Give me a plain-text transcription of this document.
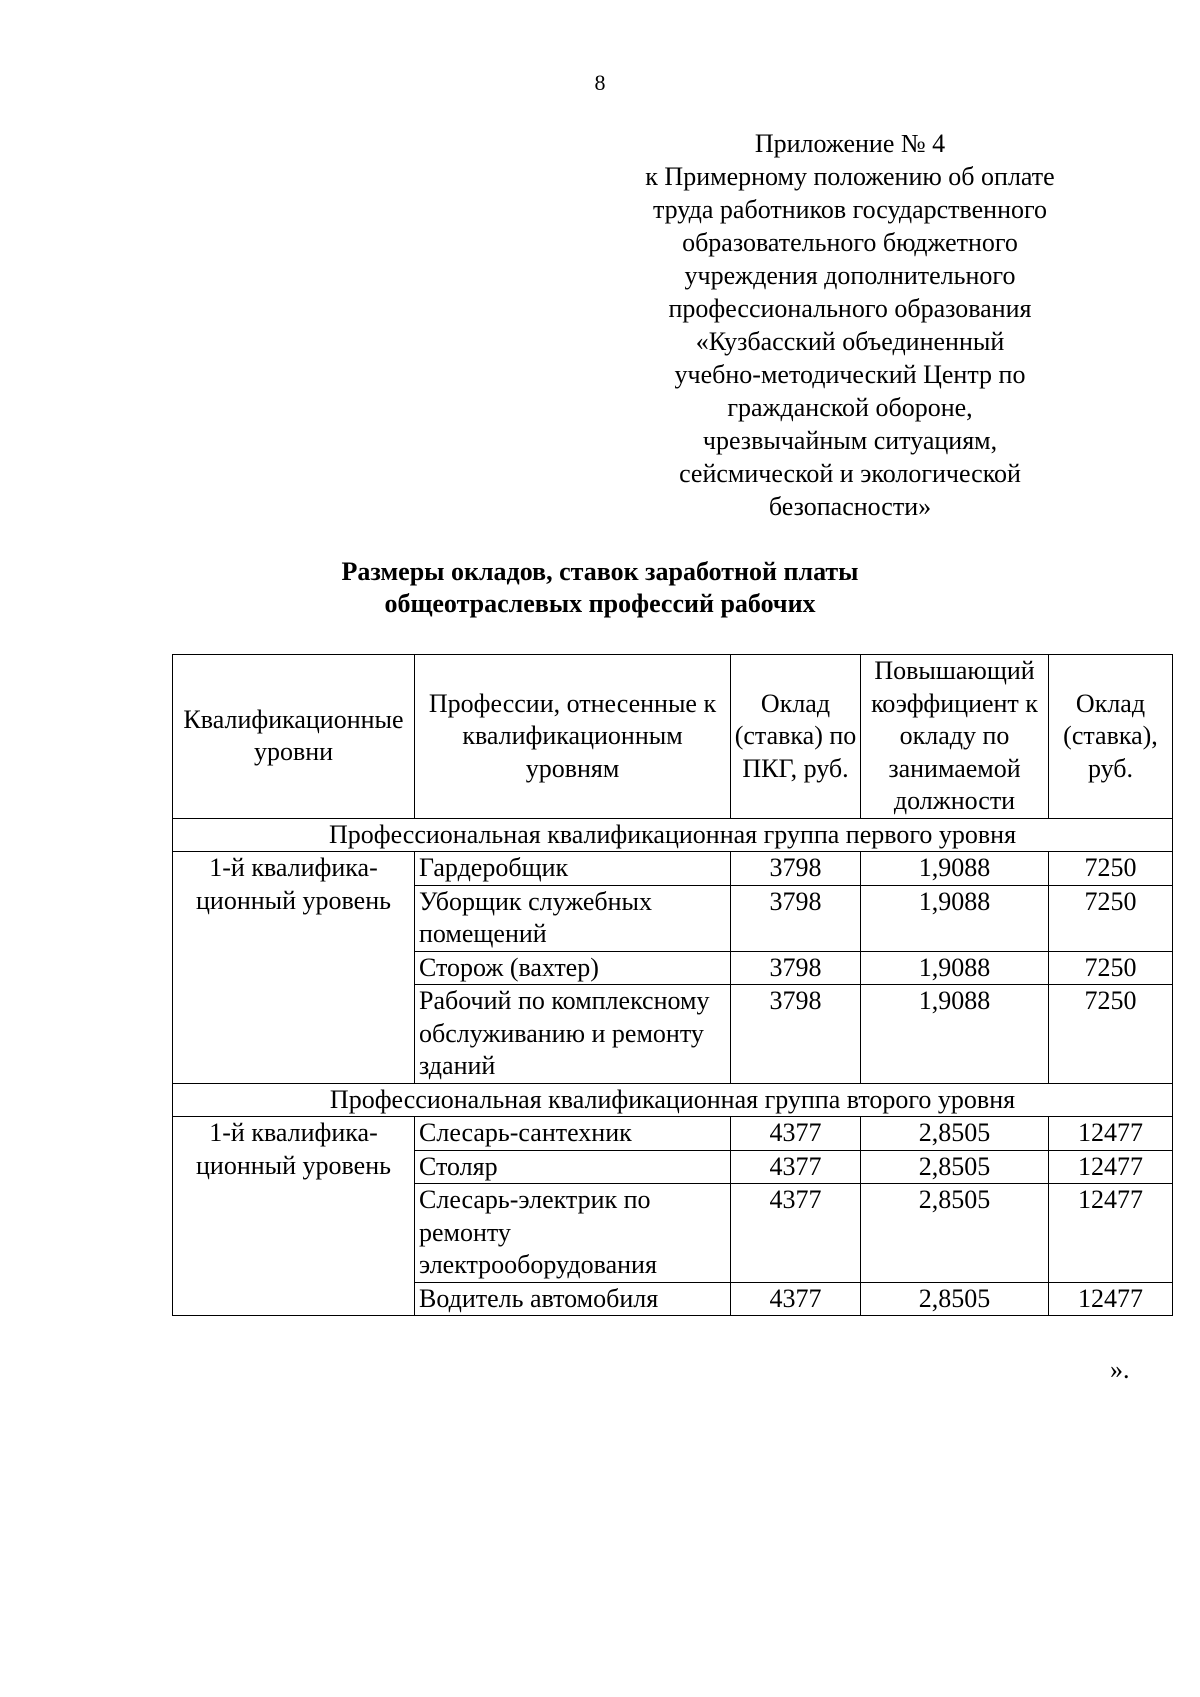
8
Приложение № 4
к Примерному положению об оплате
труда работников государственного
образовательного бюджетного
учреждения дополнительного
профессионального образования
«Кузбасский объединенный
учебно-методический Центр по
гражданской обороне,
чрезвычайным ситуациям,
сейсмической и экологической
безопасности»
Размеры окладов, ставок заработной платы
общеотраслевых профессий рабочих
Квалификационные уровни	Профессии, отнесенные к квалификационным уровням	Оклад (ставка) по ПКГ, руб.	Повышающий коэффициент к окладу по занимаемой должности	Оклад (ставка), руб.
Профессиональная квалификационная группа первого уровня				
1-й квалифика-ционный уровень	Гардеробщик	3798	1,9088	7250
	Уборщик служебных помещений	3798	1,9088	7250
	Сторож (вахтер)	3798	1,9088	7250
	Рабочий по комплексному обслуживанию и ремонту зданий	3798	1,9088	7250
Профессиональная квалификационная группа второго уровня				
1-й квалифика-ционный уровень	Слесарь-сантехник	4377	2,8505	12477
	Столяр	4377	2,8505	12477
	Слесарь-электрик по ремонту электрооборудования	4377	2,8505	12477
	Водитель автомобиля	4377	2,8505	12477
».
